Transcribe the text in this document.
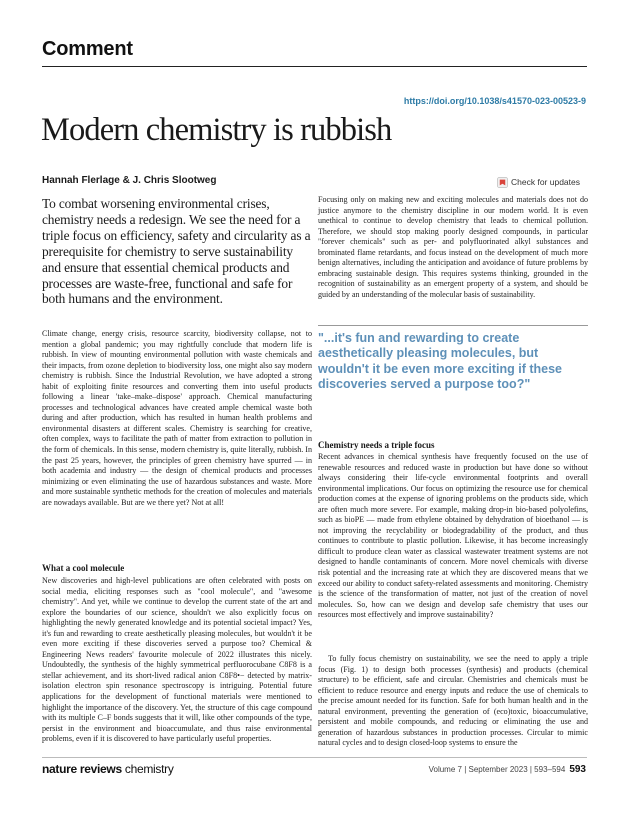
Comment
https://doi.org/10.1038/s41570-023-00523-9
Modern chemistry is rubbish
Hannah Flerlage & J. Chris Slootweg	Check for updates

To combat worsening environmental crises, chemistry needs a redesign. We see the need for a triple focus on efficiency, safety and circularity as a prerequisite for chemistry to serve sustainability and ensure that essential chemical products and processes are waste-free, functional and safe for both humans and the environment.

Climate change, energy crisis, resource scarcity, biodiversity collapse, not to mention a global pandemic; you may rightfully conclude that modern life is rubbish. In view of mounting environmental pollution with waste chemicals and their impacts, from ozone depletion to biodiversity loss, one might also say modern chemistry is rubbish. Since the Industrial Revolution, we have adopted a strong habit of exploiting finite resources and converting them into useful products following a linear 'take–make–dispose' approach. Chemical manufacturing processes and technological advances have created ample chemical waste both during and after production, which has resulted in human health problems and environmental disasters at different scales. Chemistry is searching for creative, often complex, ways to facilitate the path of matter from extraction to pollution in the form of chemicals. In this sense, modern chemistry is, quite literally, rubbish. In the past 25 years, however, the principles of green chemistry have spurred — in both academia and industry — the design of chemical products and processes minimizing or even eliminating the use of hazardous substances and waste. More and more sustainable synthetic methods for the creation of molecules and materials are nowadays available. But are we there yet? Not at all!

What a cool molecule

New discoveries and high-level publications are often celebrated with posts on social media, eliciting responses such as "cool molecule", and "awesome chemistry". And yet, while we continue to develop the current state of the art and explore the boundaries of our science, shouldn't we also explicitly focus on highlighting the newly generated knowledge and its potential societal impact? Yes, it's fun and rewarding to create aesthetically pleasing molecules, but wouldn't it be even more exciting if these discoveries served a purpose too? Chemical & Engineering News readers' favourite molecule of 2022 illustrates this nicely. Undoubtedly, the synthesis of the highly symmetrical perfluorocubane C8F8 is a stellar achievement, and its short-lived radical anion C8F8•− detected by matrix-isolation electron spin resonance spectroscopy is intriguing. Potential future applications for the development of functional materials were mentioned to highlight the importance of the discovery. Yet, the structure of this cage compound with its multiple C–F bonds suggests that it will, like other compounds of the type, persist in the environment and bioaccumulate, and thus raise environmental problems, even if it is discovered to have particularly useful properties.

Focusing only on making new and exciting molecules and materials does not do justice anymore to the chemistry discipline in our modern world. It is even unethical to continue to develop chemistry that leads to chemical pollution. Therefore, we should stop making poorly designed compounds, in particular "forever chemicals" such as per- and polyfluorinated alkyl substances and brominated flame retardants, and focus instead on the development of much more benign alternatives, including the anticipation and avoidance of future problems by embracing sustainable design. This requires systems thinking, grounded in the recognition of sustainability as an emergent property of a system, and should be guided by an understanding of the molecular basis of sustainability.

"...it's fun and rewarding to create aesthetically pleasing molecules, but wouldn't it be even more exciting if these discoveries served a purpose too?"

Chemistry needs a triple focus

Recent advances in chemical synthesis have frequently focused on the use of renewable resources and reduced waste in production but have done so without always considering their life-cycle environmental footprints and overall environmental implications. Our focus on optimizing the resource use for chemical production comes at the expense of ignoring problems on the products side, which are often much more severe. For example, making drop-in bio-based polyolefins, such as bioPE — made from ethylene obtained by dehydration of bioethanol — is not improving the recyclability or biodegradability of the product, and thus continues to contribute to plastic pollution. Likewise, it has become increasingly difficult to produce clean water as classical wastewater treatment systems are not designed to handle contaminants of concern. More novel chemicals with diverse risk potential and the increasing rate at which they are discovered means that we exceed our ability to conduct safety-related assessments and monitoring. Chemistry is the science of the transformation of matter, not just of the creation of novel molecules. So, how can we design and develop safe chemistry that uses our resources most effectively and improve sustainability?

To fully focus chemistry on sustainability, we see the need to apply a triple focus (Fig. 1) to design both processes (synthesis) and products (chemical structure) to be efficient, safe and circular. Chemistries and chemicals must be efficient to reduce resource and energy inputs and reduce the use of chemicals to the precise amount needed for its function. Safe for both human health and in the natural environment, preventing the generation of (eco)toxic, bioaccumulative, persistent and mobile compounds, and reducing or eliminating the use and generation of hazardous substances in production processes. Circular to mimic natural cycles and to design closed-loop systems to ensure the

nature reviews chemistry	Volume 7 | September 2023 | 593–594 593
